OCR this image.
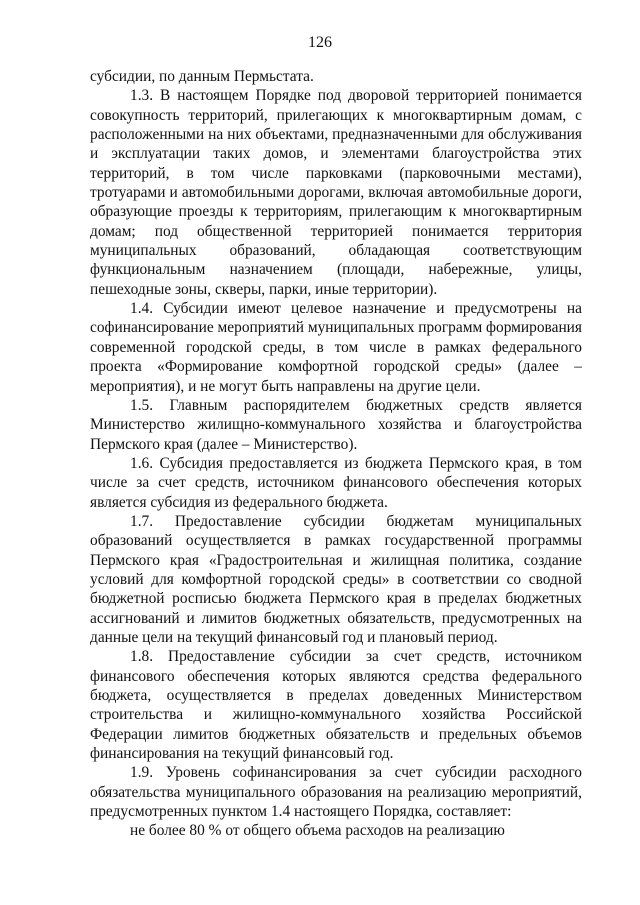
126

субсидии, по данным Пермьстата.

1.3. В настоящем Порядке под дворовой территорией понимается совокупность территорий, прилегающих к многоквартирным домам, с расположенными на них объектами, предназначенными для обслуживания и эксплуатации таких домов, и элементами благоустройства этих территорий, в том числе парковками (парковочными местами), тротуарами и автомобильными дорогами, включая автомобильные дороги, образующие проезды к территориям, прилегающим к многоквартирным домам; под общественной территорией понимается территория муниципальных образований, обладающая соответствующим функциональным назначением (площади, набережные, улицы, пешеходные зоны, скверы, парки, иные территории).

1.4. Субсидии имеют целевое назначение и предусмотрены на софинансирование мероприятий муниципальных программ формирования современной городской среды, в том числе в рамках федерального проекта «Формирование комфортной городской среды» (далее – мероприятия), и не могут быть направлены на другие цели.

1.5. Главным распорядителем бюджетных средств является Министерство жилищно-коммунального хозяйства и благоустройства Пермского края (далее – Министерство).

1.6. Субсидия предоставляется из бюджета Пермского края, в том числе за счет средств, источником финансового обеспечения которых является субсидия из федерального бюджета.

1.7. Предоставление субсидии бюджетам муниципальных образований осуществляется в рамках государственной программы Пермского края «Градостроительная и жилищная политика, создание условий для комфортной городской среды» в соответствии со сводной бюджетной росписью бюджета Пермского края в пределах бюджетных ассигнований и лимитов бюджетных обязательств, предусмотренных на данные цели на текущий финансовый год и плановый период.

1.8. Предоставление субсидии за счет средств, источником финансового обеспечения которых являются средства федерального бюджета, осуществляется в пределах доведенных Министерством строительства и жилищно-коммунального хозяйства Российской Федерации лимитов бюджетных обязательств и предельных объемов финансирования на текущий финансовый год.

1.9. Уровень софинансирования за счет субсидии расходного обязательства муниципального образования на реализацию мероприятий, предусмотренных пунктом 1.4 настоящего Порядка, составляет:

не более 80 % от общего объема расходов на реализацию
